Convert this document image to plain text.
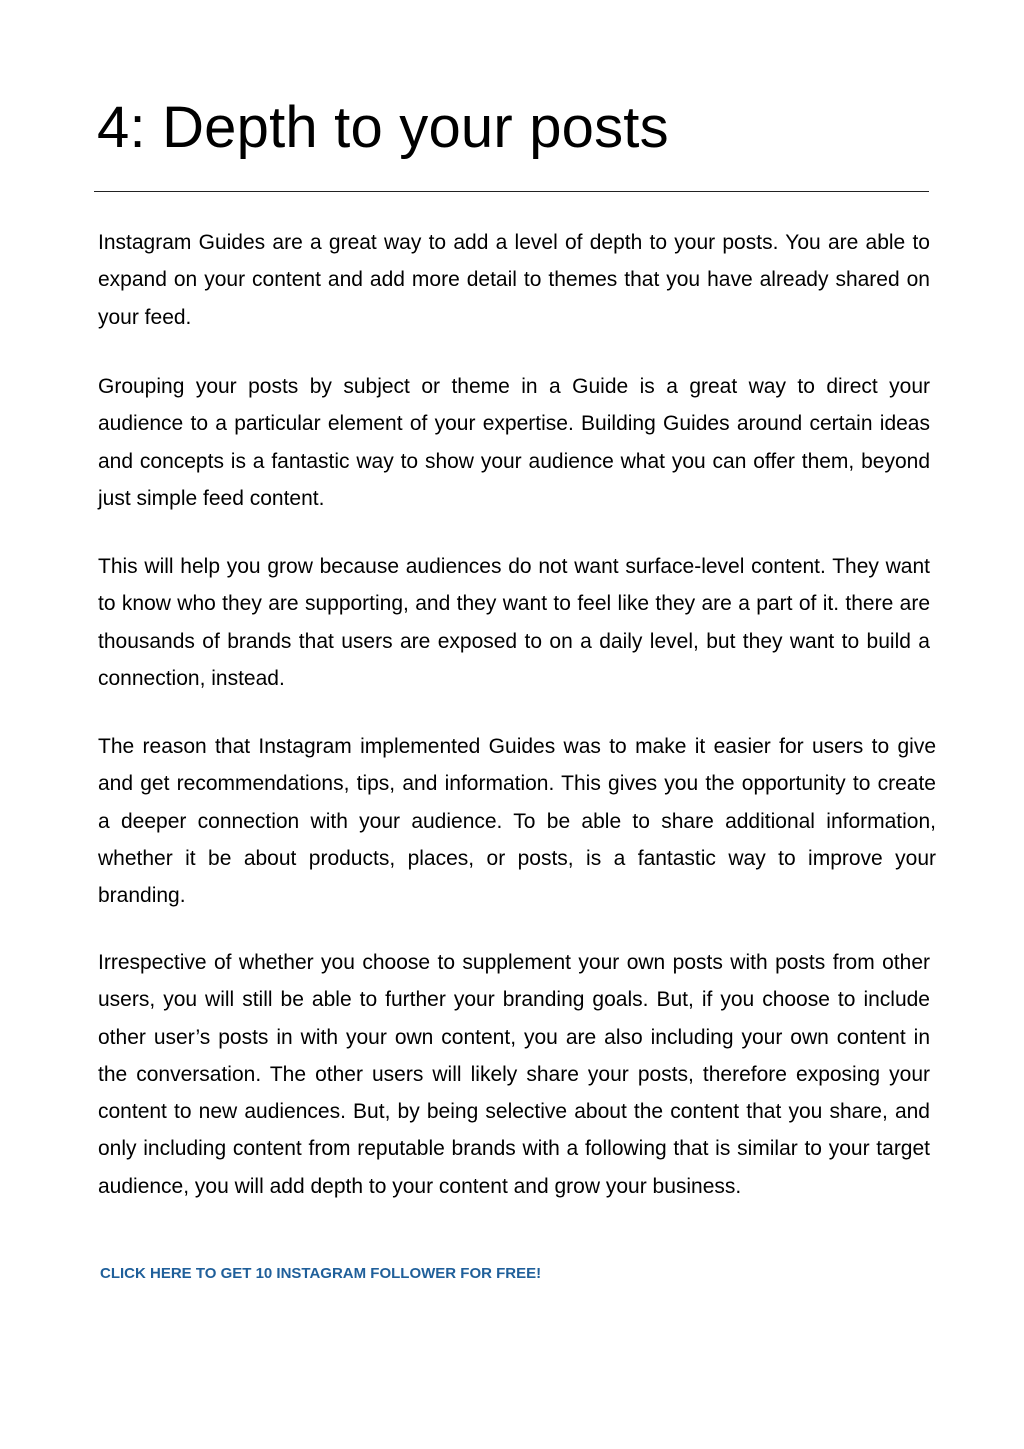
4: Depth to your posts

Instagram Guides are a great way to add a level of depth to your posts. You are able to expand on your content and add more detail to themes that you have already shared on your feed.

Grouping your posts by subject or theme in a Guide is a great way to direct your audience to a particular element of your expertise. Building Guides around certain ideas and concepts is a fantastic way to show your audience what you can offer them, beyond just simple feed content.

This will help you grow because audiences do not want surface-level content. They want to know who they are supporting, and they want to feel like they are a part of it. there are thousands of brands that users are exposed to on a daily level, but they want to build a connection, instead.

The reason that Instagram implemented Guides was to make it easier for users to give and get recommendations, tips, and information. This gives you the opportunity to create a deeper connection with your audience. To be able to share additional information, whether it be about products, places, or posts, is a fantastic way to improve your branding.

Irrespective of whether you choose to supplement your own posts with posts from other users, you will still be able to further your branding goals. But, if you choose to include other user’s posts in with your own content, you are also including your own content in the conversation. The other users will likely share your posts, therefore exposing your content to new audiences. But, by being selective about the content that you share, and only including content from reputable brands with a following that is similar to your target audience, you will add depth to your content and grow your business.

CLICK HERE TO GET 10 INSTAGRAM FOLLOWER FOR FREE!
